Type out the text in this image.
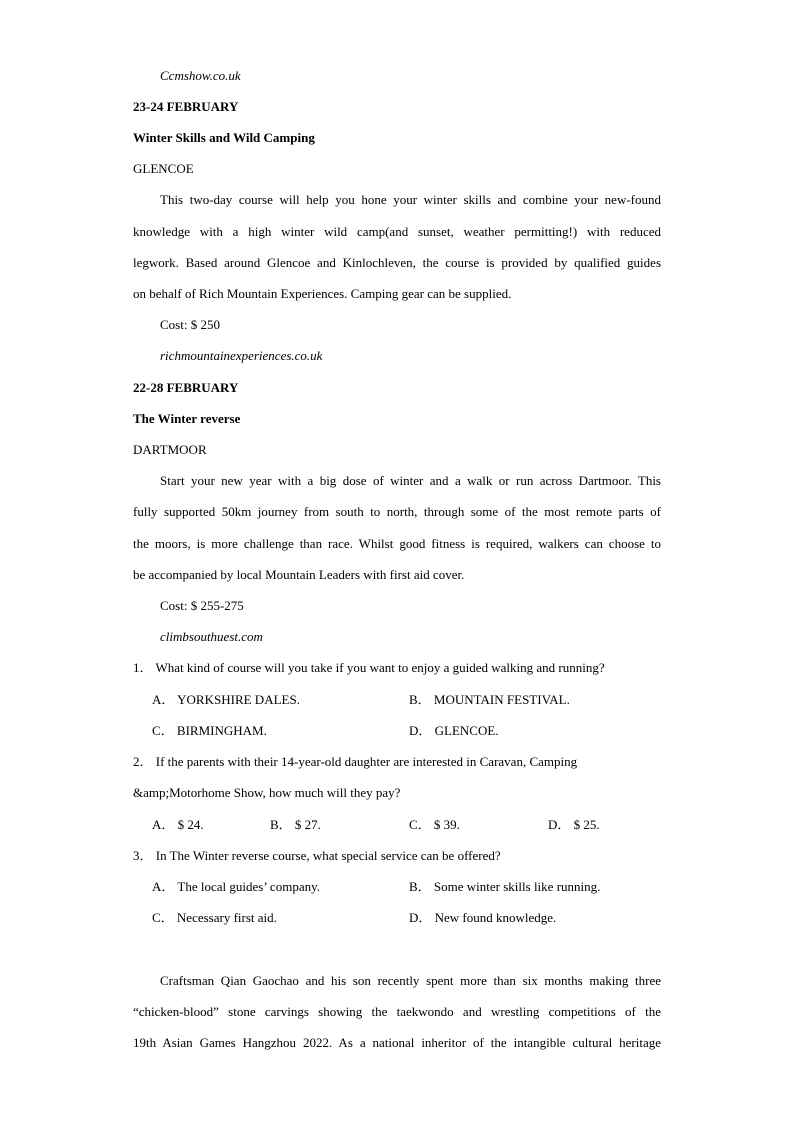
Ccmshow.co.uk
23-24 FEBRUARY
Winter Skills and Wild Camping
GLENCOE
This two-day course will help you hone your winter skills and combine your new-found
knowledge with a high winter wild camp(and sunset, weather permitting!) with reduced
legwork. Based around Glencoe and Kinlochleven, the course is provided by qualified guides
on behalf of Rich Mountain Experiences. Camping gear can be supplied.
Cost: $ 250
richmountainexperiences.co.uk
22-28 FEBRUARY
The Winter reverse
DARTMOOR
Start your new year with a big dose of winter and a walk or run across Dartmoor. This
fully supported 50km journey from south to north, through some of the most remote parts of
the moors, is more challenge than race. Whilst good fitness is required, walkers can choose to
be accompanied by local Mountain Leaders with first aid cover.
Cost: $ 255-275
climbsouthuest.com
1． What kind of course will you take if you want to enjoy a guided walking and running?
A． YORKSHIRE DALES.	B． MOUNTAIN FESTIVAL.
C． BIRMINGHAM.	D． GLENCOE.
2． If the parents with their 14-year-old daughter are interested in Caravan, Camping
&amp;Motorhome Show, how much will they pay?
A． $ 24.	B． $ 27.	C． $ 39.	D． $ 25.
3． In The Winter reverse course, what special service can be offered?
A． The local guides’ company.	B． Some winter skills like running.
C． Necessary first aid.	D． New found knowledge.
Craftsman Qian Gaochao and his son recently spent more than six months making three
“chicken-blood” stone carvings showing the taekwondo and wrestling competitions of the
19th Asian Games Hangzhou 2022. As a national inheritor of the intangible cultural heritage
